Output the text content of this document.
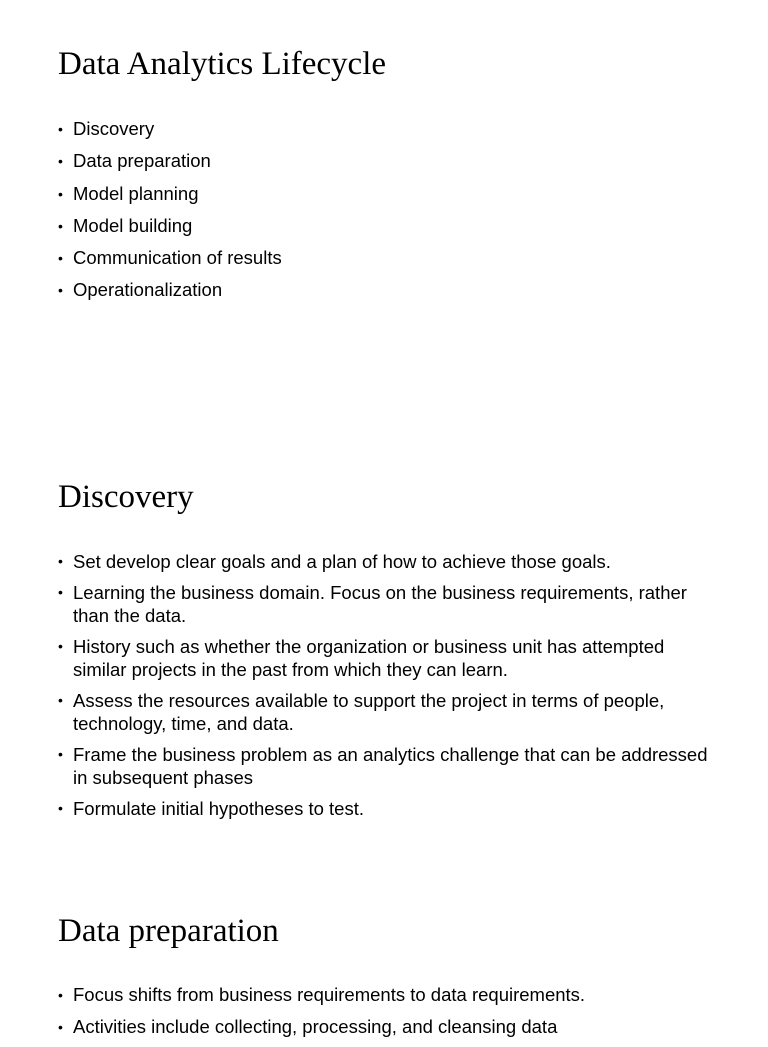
Data Analytics Lifecycle
• Discovery
• Data preparation
• Model planning
• Model building
• Communication of results
• Operationalization
Discovery
• Set develop clear goals and a plan of how to achieve those goals.
• Learning the business domain. Focus on the business requirements, rather than the data.
• History such as whether the organization or business unit has attempted similar projects in the past from which they can learn.
• Assess the resources available to support the project in terms of people, technology, time, and data.
• Frame the business problem as an analytics challenge that can be addressed in subsequent phases
• Formulate initial hypotheses to test.
Data preparation
• Focus shifts from business requirements to data requirements.
• Activities include collecting, processing, and cleansing data
